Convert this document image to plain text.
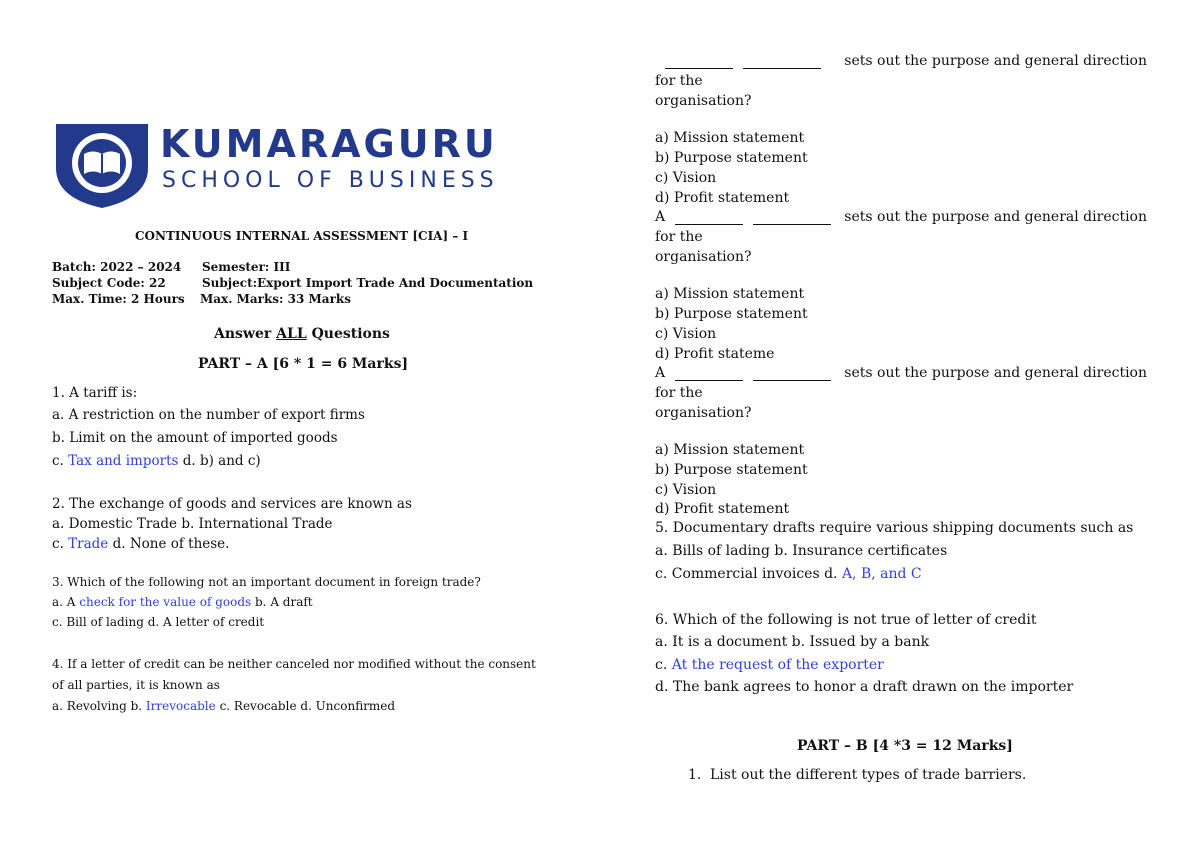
KUMARAGURU
SCHOOL OF BUSINESS
CONTINUOUS INTERNAL ASSESSMENT [CIA] – I
Batch: 2022 – 2024 Semester: III
Subject Code: 22	Subject:Export Import Trade And Documentation
Max. Time: 2 Hours Max. Marks: 33 Marks
Answer ALL Questions
PART – A [6 * 1 = 6 Marks]
1. A tariff is:
a. A restriction on the number of export firms
b. Limit on the amount of imported goods
c. Tax and imports d. b) and c)
2. The exchange of goods and services are known as
a. Domestic Trade b. International Trade
c. Trade d. None of these.
3. Which of the following not an important document in foreign trade?
a. A check for the value of goods b. A draft
c. Bill of lading d. A letter of credit
4. If a letter of credit can be neither canceled nor modified without the consent
of all parties, it is known as
a. Revolving b. Irrevocable c. Revocable d. Unconfirmed
sets out the purpose and general direction
for the
organisation?
a) Mission statement
b) Purpose statement
c) Vision
d) Profit statement
A	sets out the purpose and general direction
for the
organisation?
a) Mission statement
b) Purpose statement
c) Vision
d) Profit stateme
A	sets out the purpose and general direction
for the
organisation?
a) Mission statement
b) Purpose statement
c) Vision
d) Profit statement
5. Documentary drafts require various shipping documents such as
a. Bills of lading b. Insurance certificates
c. Commercial invoices d. A, B, and C
6. Which of the following is not true of letter of credit
a. It is a document b. Issued by a bank
c. At the request of the exporter
d. The bank agrees to honor a draft drawn on the importer
PART – B [4 *3 = 12 Marks]
1. List out the different types of trade barriers.
